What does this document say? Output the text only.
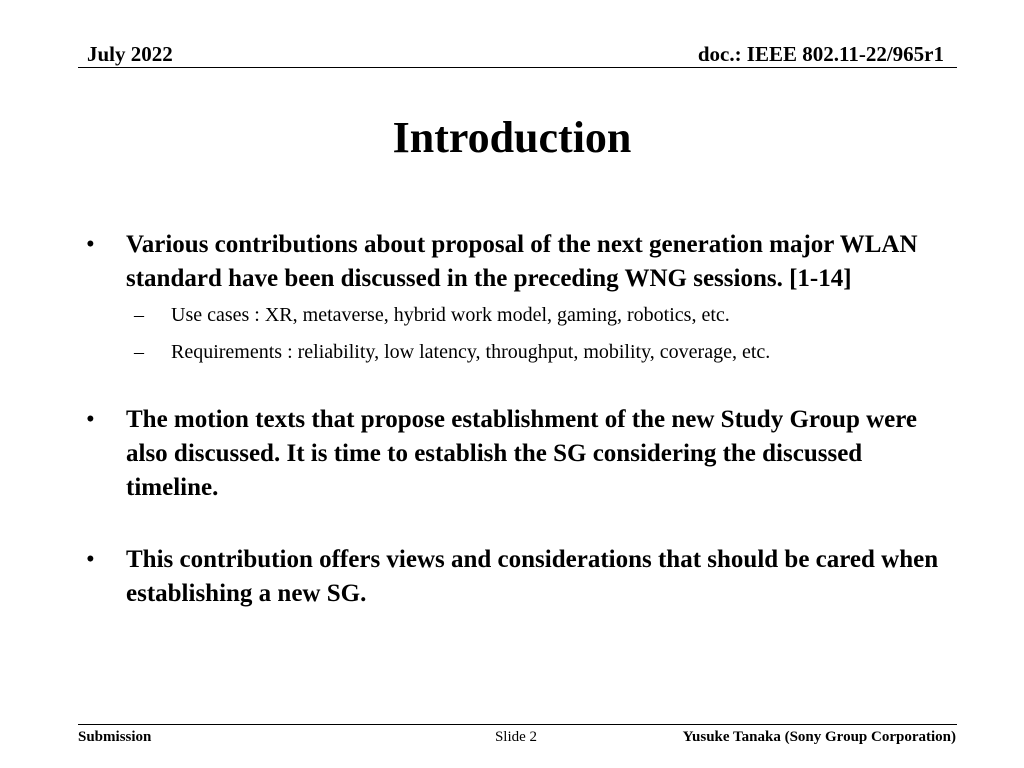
July 2022	doc.: IEEE 802.11-22/965r1
Introduction
• Various contributions about proposal of the next generation major WLAN standard have been discussed in the preceding WNG sessions. [1-14]
– Use cases : XR, metaverse, hybrid work model, gaming, robotics, etc.
– Requirements : reliability, low latency, throughput, mobility, coverage, etc.
• The motion texts that propose establishment of the new Study Group were also discussed. It is time to establish the SG considering the discussed timeline.
• This contribution offers views and considerations that should be cared when establishing a new SG.
Submission	Slide 2	Yusuke Tanaka (Sony Group Corporation)
